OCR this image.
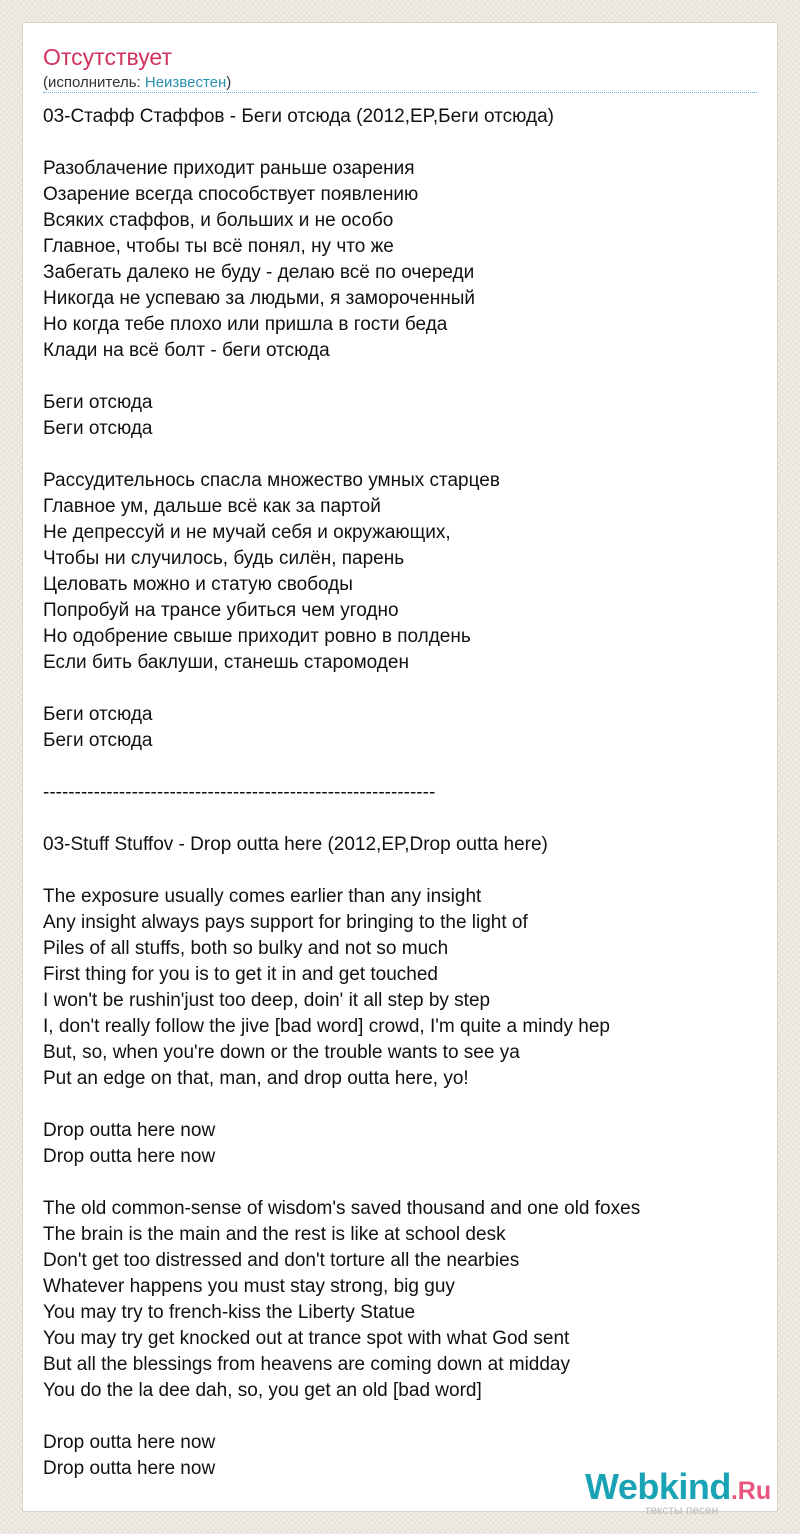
Отсутствует
(исполнитель: Неизвестен)
03-Стафф Стаффов - Беги отсюда (2012,EP,Беги отсюда)
Разоблачение приходит раньше озарения
Озарение всегда способствует появлению
Всяких стаффов, и больших и не особо
Главное, чтобы ты всё понял, ну что же
Забегать далеко не буду - делаю всё по очереди
Никогда не успеваю за людьми, я замороченный
Но когда тебе плохо или пришла в гости беда
Клади на всё болт - беги отсюда
Беги отсюда
Беги отсюда
Рассудительнось спасла множество умных старцев
Главное ум, дальше всё как за партой
Не депрессуй и не мучай себя и окружающих,
Чтобы ни случилось, будь силён, парень
Целовать можно и статую свободы
Попробуй на трансе убиться чем угодно
Но одобрение свыше приходит ровно в полдень
Если бить баклуши, станешь старомоден
Беги отсюда
Беги отсюда
--------------------------------------------------------------
03-Stuff Stuffov - Drop outta here (2012,EP,Drop outta here)
The exposure usually comes earlier than any insight
Any insight always pays support for bringing to the light of
Piles of all stuffs, both so bulky and not so much
First thing for you is to get it in and get touched
I won't be rushin'just too deep, doin' it all step by step
I, don't really follow the jive [bad word] crowd, I'm quite a mindy hep
But, so, when you're down or the trouble wants to see ya
Put an edge on that, man, and drop outta here, yo!
Drop outta here now
Drop outta here now
The old common-sense of wisdom's saved thousand and one old foxes
The brain is the main and the rest is like at school desk
Don't get too distressed and don't torture all the nearbies
Whatever happens you must stay strong, big guy
You may try to french-kiss the Liberty Statue
You may try get knocked out at trance spot with what God sent
But all the blessings from heavens are coming down at midday
You do the la dee dah, so, you get an old [bad word]
Drop outta here now
Drop outta here now	Webkind.Ru
тексты песен
